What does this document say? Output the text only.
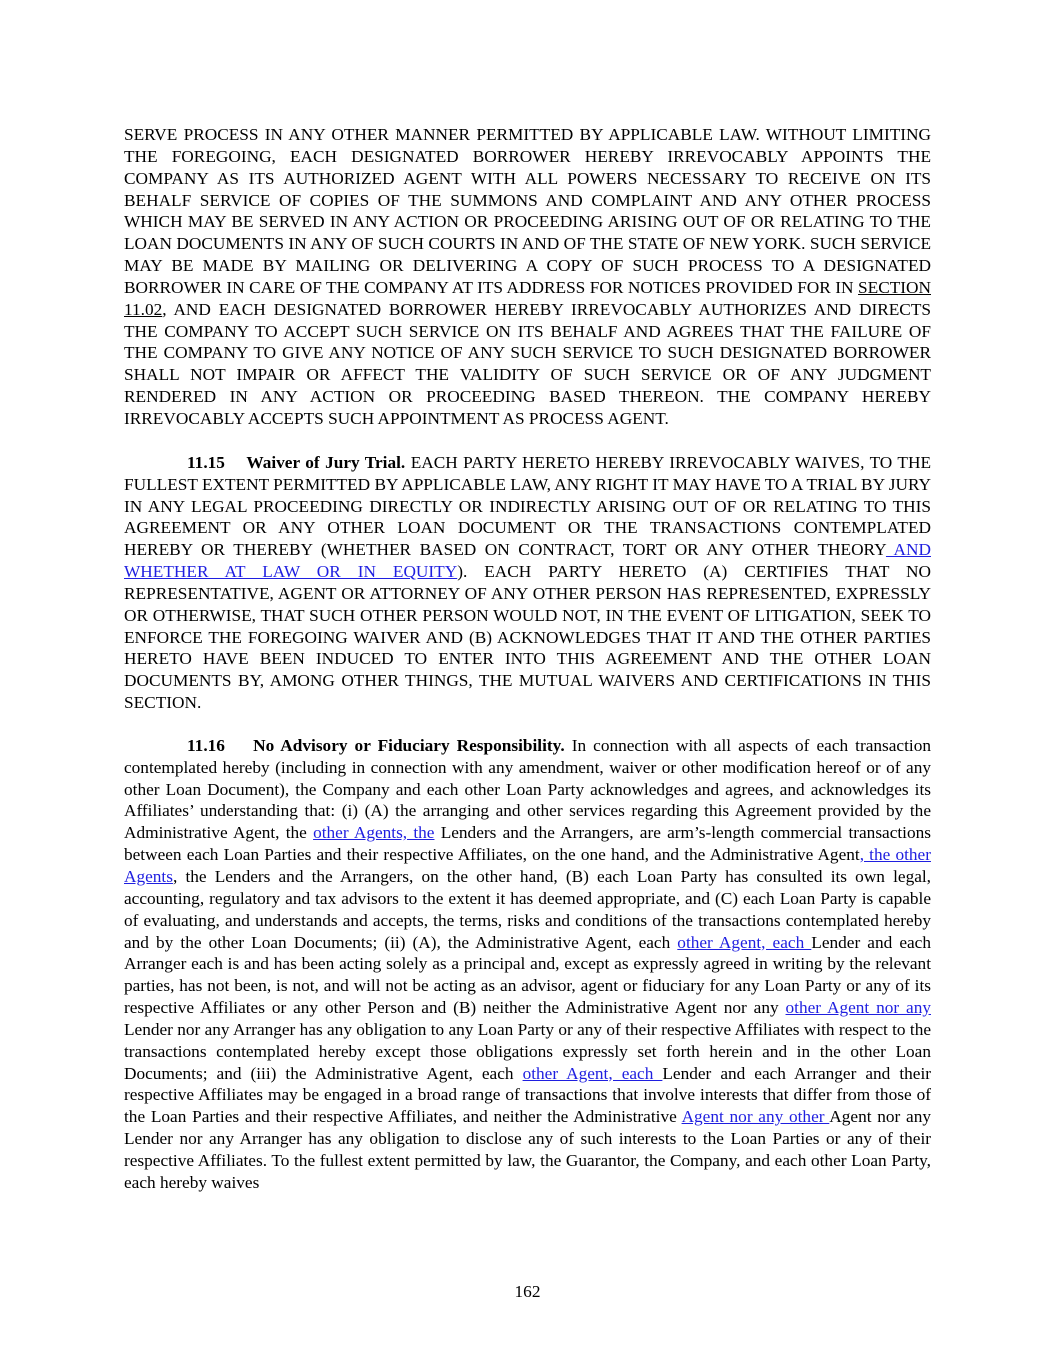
SERVE PROCESS IN ANY OTHER MANNER PERMITTED BY APPLICABLE LAW. WITHOUT LIMITING THE FOREGOING, EACH DESIGNATED BORROWER HEREBY IRREVOCABLY APPOINTS THE COMPANY AS ITS AUTHORIZED AGENT WITH ALL POWERS NECESSARY TO RECEIVE ON ITS BEHALF SERVICE OF COPIES OF THE SUMMONS AND COMPLAINT AND ANY OTHER PROCESS WHICH MAY BE SERVED IN ANY ACTION OR PROCEEDING ARISING OUT OF OR RELATING TO THE LOAN DOCUMENTS IN ANY OF SUCH COURTS IN AND OF THE STATE OF NEW YORK. SUCH SERVICE MAY BE MADE BY MAILING OR DELIVERING A COPY OF SUCH PROCESS TO A DESIGNATED BORROWER IN CARE OF THE COMPANY AT ITS ADDRESS FOR NOTICES PROVIDED FOR IN SECTION 11.02, AND EACH DESIGNATED BORROWER HEREBY IRREVOCABLY AUTHORIZES AND DIRECTS THE COMPANY TO ACCEPT SUCH SERVICE ON ITS BEHALF AND AGREES THAT THE FAILURE OF THE COMPANY TO GIVE ANY NOTICE OF ANY SUCH SERVICE TO SUCH DESIGNATED BORROWER SHALL NOT IMPAIR OR AFFECT THE VALIDITY OF SUCH SERVICE OR OF ANY JUDGMENT RENDERED IN ANY ACTION OR PROCEEDING BASED THEREON. THE COMPANY HEREBY IRREVOCABLY ACCEPTS SUCH APPOINTMENT AS PROCESS AGENT.

11.15    Waiver of Jury Trial. EACH PARTY HERETO HEREBY IRREVOCABLY WAIVES, TO THE FULLEST EXTENT PERMITTED BY APPLICABLE LAW, ANY RIGHT IT MAY HAVE TO A TRIAL BY JURY IN ANY LEGAL PROCEEDING DIRECTLY OR INDIRECTLY ARISING OUT OF OR RELATING TO THIS AGREEMENT OR ANY OTHER LOAN DOCUMENT OR THE TRANSACTIONS CONTEMPLATED HEREBY OR THEREBY (WHETHER BASED ON CONTRACT, TORT OR ANY OTHER THEORY AND WHETHER AT LAW OR IN EQUITY). EACH PARTY HERETO (A) CERTIFIES THAT NO REPRESENTATIVE, AGENT OR ATTORNEY OF ANY OTHER PERSON HAS REPRESENTED, EXPRESSLY OR OTHERWISE, THAT SUCH OTHER PERSON WOULD NOT, IN THE EVENT OF LITIGATION, SEEK TO ENFORCE THE FOREGOING WAIVER AND (B) ACKNOWLEDGES THAT IT AND THE OTHER PARTIES HERETO HAVE BEEN INDUCED TO ENTER INTO THIS AGREEMENT AND THE OTHER LOAN DOCUMENTS BY, AMONG OTHER THINGS, THE MUTUAL WAIVERS AND CERTIFICATIONS IN THIS SECTION.

11.16    No Advisory or Fiduciary Responsibility. In connection with all aspects of each transaction contemplated hereby (including in connection with any amendment, waiver or other modification hereof or of any other Loan Document), the Company and each other Loan Party acknowledges and agrees, and acknowledges its Affiliates’ understanding that: (i) (A) the arranging and other services regarding this Agreement provided by the Administrative Agent, the other Agents, the Lenders and the Arrangers, are arm’s-length commercial transactions between each Loan Parties and their respective Affiliates, on the one hand, and the Administrative Agent, the other Agents, the Lenders and the Arrangers, on the other hand, (B) each Loan Party has consulted its own legal, accounting, regulatory and tax advisors to the extent it has deemed appropriate, and (C) each Loan Party is capable of evaluating, and understands and accepts, the terms, risks and conditions of the transactions contemplated hereby and by the other Loan Documents; (ii) (A), the Administrative Agent, each other Agent, each Lender and each Arranger each is and has been acting solely as a principal and, except as expressly agreed in writing by the relevant parties, has not been, is not, and will not be acting as an advisor, agent or fiduciary for any Loan Party or any of its respective Affiliates or any other Person and (B) neither the Administrative Agent nor any other Agent nor any Lender nor any Arranger has any obligation to any Loan Party or any of their respective Affiliates with respect to the transactions contemplated hereby except those obligations expressly set forth herein and in the other Loan Documents; and (iii) the Administrative Agent, each other Agent, each Lender and each Arranger and their respective Affiliates may be engaged in a broad range of transactions that involve interests that differ from those of the Loan Parties and their respective Affiliates, and neither the Administrative Agent nor any other Agent nor any Lender nor any Arranger has any obligation to disclose any of such interests to the Loan Parties or any of their respective Affiliates. To the fullest extent permitted by law, the Guarantor, the Company, and each other Loan Party, each hereby waives

162
